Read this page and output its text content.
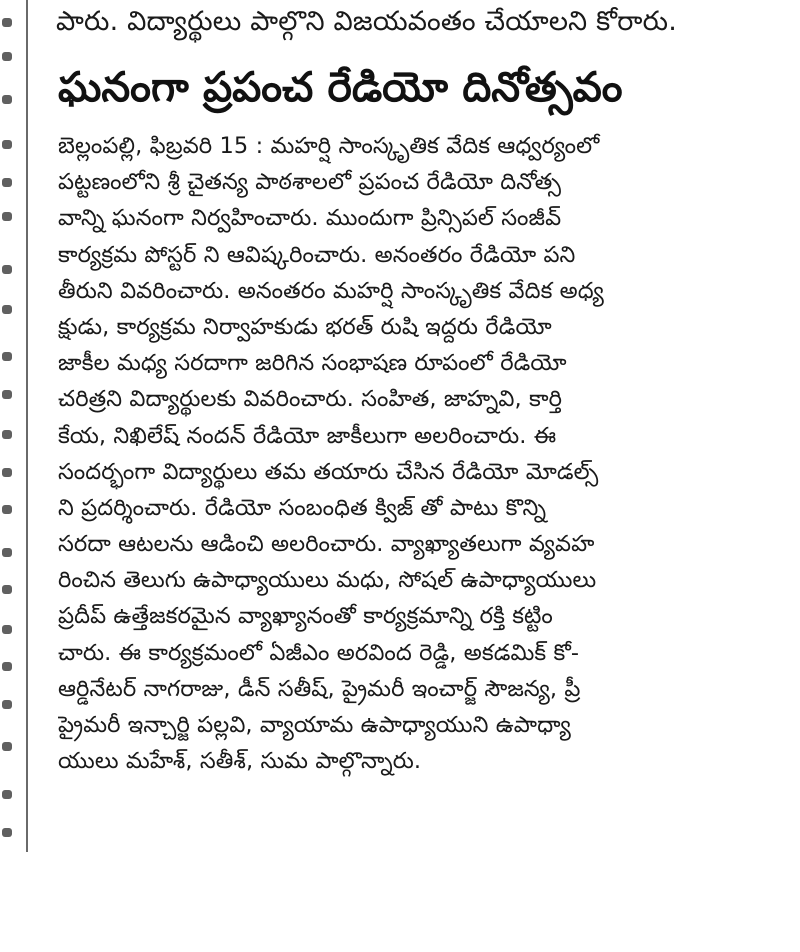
పారు. విద్యార్థులు పాల్గొని విజయవంతం చేయాలని కోరారు.
ఘనంగా ప్రపంచ రేడియో దినోత్సవం
బెల్లంపల్లి, ఫిబ్రవరి 15 : మహర్షి సాంస్కృతిక వేదిక ఆధ్వర్యంలో
పట్టణంలోని శ్రీ చైతన్య పాఠశాలలో ప్రపంచ రేడియో దినోత్స
వాన్ని ఘనంగా నిర్వహించారు. ముందుగా ప్రిన్సిపల్ సంజీవ్
కార్యక్రమ పోస్టర్ ని ఆవిష్కరించారు. అనంతరం రేడియో పని
తీరుని వివరించారు. అనంతరం మహర్షి సాంస్కృతిక వేదిక అధ్య
క్షుడు, కార్యక్రమ నిర్వాహకుడు భరత్ రుషి ఇద్దరు రేడియో
జాకీల మధ్య సరదాగా జరిగిన సంభాషణ రూపంలో రేడియో
చరిత్రని విద్యార్థులకు వివరించారు. సంహిత, జాహ్నవి, కార్తి
కేయ, నిఖిలేష్ నందన్ రేడియో జాకీలుగా అలరించారు. ఈ
సందర్భంగా విద్యార్థులు తమ తయారు చేసిన రేడియో మోడల్స్
ని ప్రదర్శించారు. రేడియో సంబంధిత క్విజ్ తో పాటు కొన్ని
సరదా ఆటలను ఆడించి అలరించారు. వ్యాఖ్యాతలుగా వ్యవహ
రించిన తెలుగు ఉపాధ్యాయులు మధు, సోషల్ ఉపాధ్యాయులు
ప్రదీప్ ఉత్తేజకరమైన వ్యాఖ్యానంతో కార్యక్రమాన్ని రక్తి కట్టిం
చారు. ఈ కార్యక్రమంలో ఏజీఎం అరవింద రెడ్డి, అకడమిక్ కో-
ఆర్డినేటర్ నాగరాజు, డీన్ సతీష్, ప్రైమరీ ఇంచార్జ్ సౌజన్య, ప్రీ
ప్రైమరీ ఇన్చార్జి పల్లవి, వ్యాయామ ఉపాధ్యాయుని ఉపాధ్యా
యులు మహేశ్, సతీశ్, సుమ పాల్గొన్నారు.
